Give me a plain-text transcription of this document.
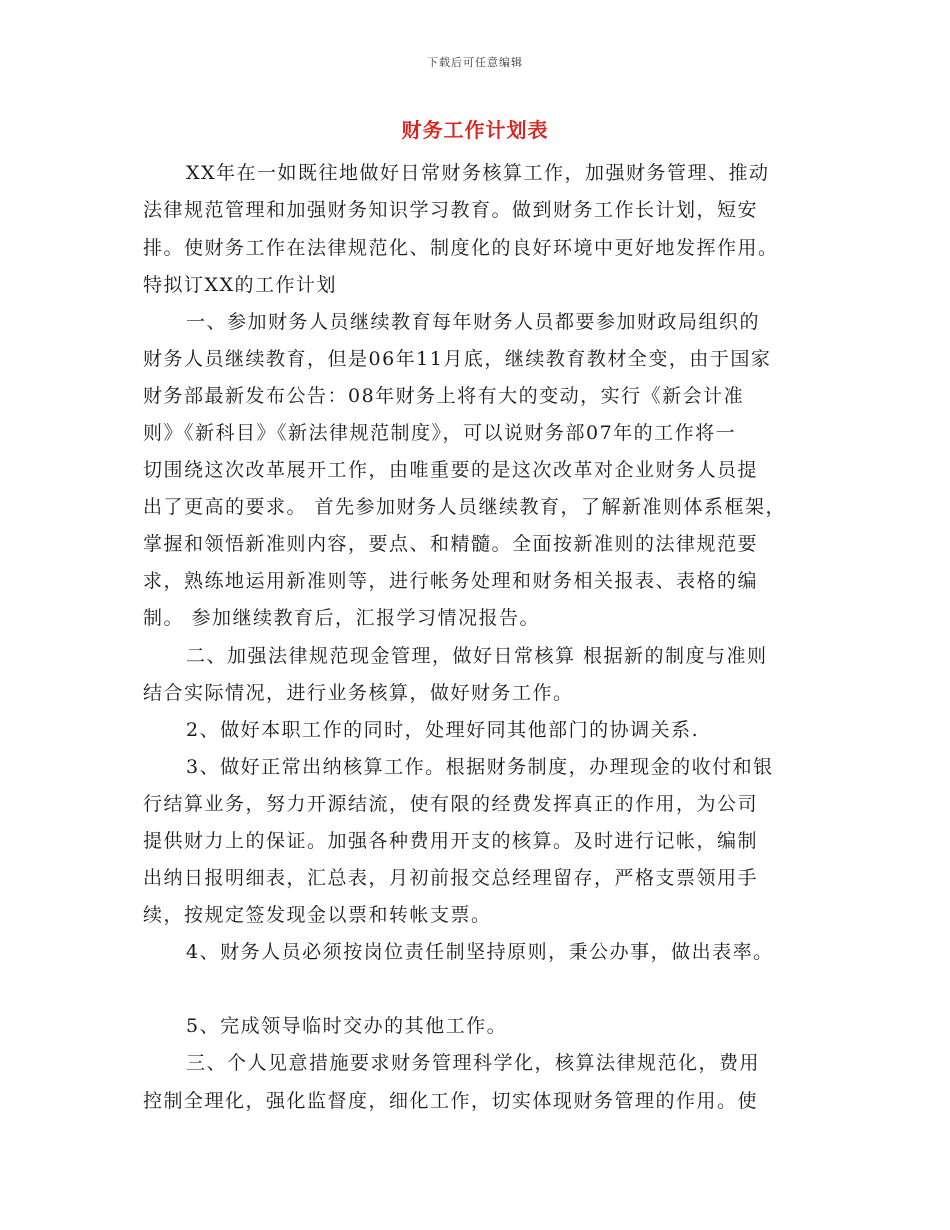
下载后可任意编辑
财务工作计划表
XX年在一如既往地做好日常财务核算工作，加强财务管理、推动
法律规范管理和加强财务知识学习教育。做到财务工作长计划，短安
排。使财务工作在法律规范化、制度化的良好环境中更好地发挥作用。
特拟订XX的工作计划
一、参加财务人员继续教育每年财务人员都要参加财政局组织的
财务人员继续教育，但是06年11月底，继续教育教材全变，由于国家
财务部最新发布公告：08年财务上将有大的变动，实行《新会计准
则》《新科目》《新法律规范制度》，可以说财务部07年的工作将一
切围绕这次改革展开工作，由唯重要的是这次改革对企业财务人员提
出了更高的要求。 首先参加财务人员继续教育，了解新准则体系框架，
掌握和领悟新准则内容，要点、和精髓。全面按新准则的法律规范要
求，熟练地运用新准则等，进行帐务处理和财务相关报表、表格的编
制。 参加继续教育后，汇报学习情况报告。
二、加强法律规范现金管理，做好日常核算 根据新的制度与准则
结合实际情况，进行业务核算，做好财务工作。
2、做好本职工作的同时，处理好同其他部门的协调关系.
3、做好正常出纳核算工作。根据财务制度，办理现金的收付和银
行结算业务，努力开源结流，使有限的经费发挥真正的作用，为公司
提供财力上的保证。加强各种费用开支的核算。及时进行记帐，编制
出纳日报明细表，汇总表，月初前报交总经理留存，严格支票领用手
续，按规定签发现金以票和转帐支票。
4、财务人员必须按岗位责任制坚持原则，秉公办事，做出表率。
5、完成领导临时交办的其他工作。
三、个人见意措施要求财务管理科学化，核算法律规范化，费用
控制全理化，强化监督度，细化工作，切实体现财务管理的作用。使
